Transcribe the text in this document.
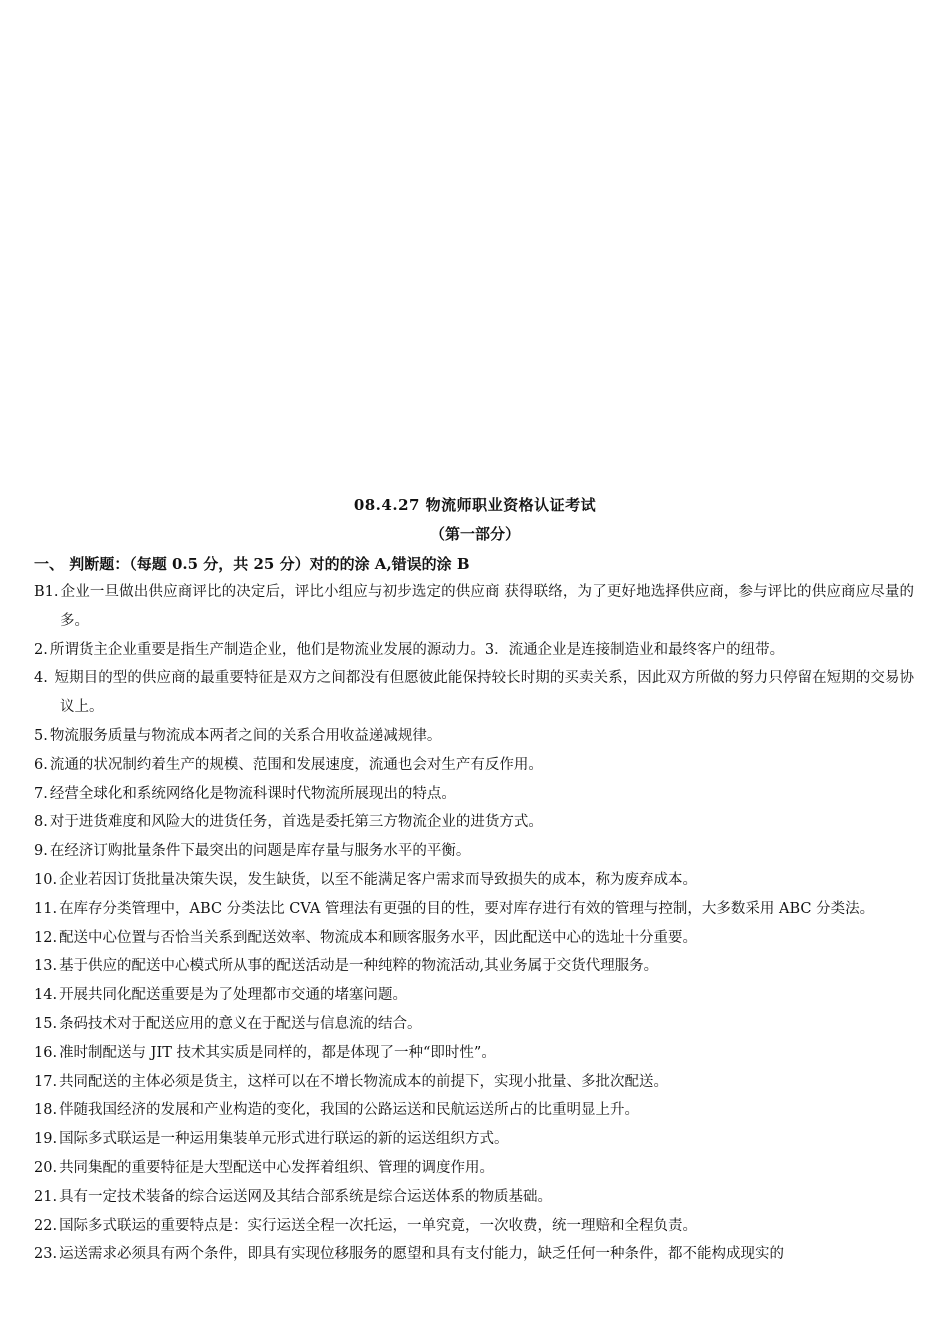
08.4.27 物流师职业资格认证考试
（第一部分）
一、 判断题：（每题 0.5 分，共 25 分）对的的涂 A,错误的涂 B
B1. 企业一旦做出供应商评比的决定后，评比小组应与初步选定的供应商 获得联络，为了更好地选择供应商，参与评比的供应商应尽量的多。
2. 所谓货主企业重要是指生产制造企业，他们是物流业发展的源动力。3．流通企业是连接制造业和最终客户的纽带。
4. 短期目的型的供应商的最重要特征是双方之间都没有但愿彼此能保持较长时期的买卖关系，因此双方所做的努力只停留在短期的交易协议上。
5. 物流服务质量与物流成本两者之间的关系合用收益递减规律。
6. 流通的状况制约着生产的规模、范围和发展速度，流通也会对生产有反作用。
7. 经营全球化和系统网络化是物流科课时代物流所展现出的特点。
8. 对于进货难度和风险大的进货任务，首选是委托第三方物流企业的进货方式。
9. 在经济订购批量条件下最突出的问题是库存量与服务水平的平衡。
10. 企业若因订货批量决策失误，发生缺货，以至不能满足客户需求而导致损失的成本，称为废弃成本。
11. 在库存分类管理中，ABC 分类法比 CVA 管理法有更强的目的性，要对库存进行有效的管理与控制，大多数采用 ABC 分类法。
12. 配送中心位置与否恰当关系到配送效率、物流成本和顾客服务水平，因此配送中心的选址十分重要。
13. 基于供应的配送中心模式所从事的配送活动是一种纯粹的物流活动,其业务属于交货代理服务。
14. 开展共同化配送重要是为了处理都市交通的堵塞问题。
15. 条码技术对于配送应用的意义在于配送与信息流的结合。
16. 准时制配送与 JIT 技术其实质是同样的，都是体现了一种“即时性”。
17. 共同配送的主体必须是货主，这样可以在不增长物流成本的前提下，实现小批量、多批次配送。
18. 伴随我国经济的发展和产业构造的变化，我国的公路运送和民航运送所占的比重明显上升。
19. 国际多式联运是一种运用集装单元形式进行联运的新的运送组织方式。
20. 共同集配的重要特征是大型配送中心发挥着组织、管理的调度作用。
21. 具有一定技术装备的综合运送网及其结合部系统是综合运送体系的物质基础。
22. 国际多式联运的重要特点是：实行运送全程一次托运，一单究竟，一次收费，统一理赔和全程负责。
23. 运送需求必须具有两个条件，即具有实现位移服务的愿望和具有支付能力，缺乏任何一种条件，都不能构成现实的
